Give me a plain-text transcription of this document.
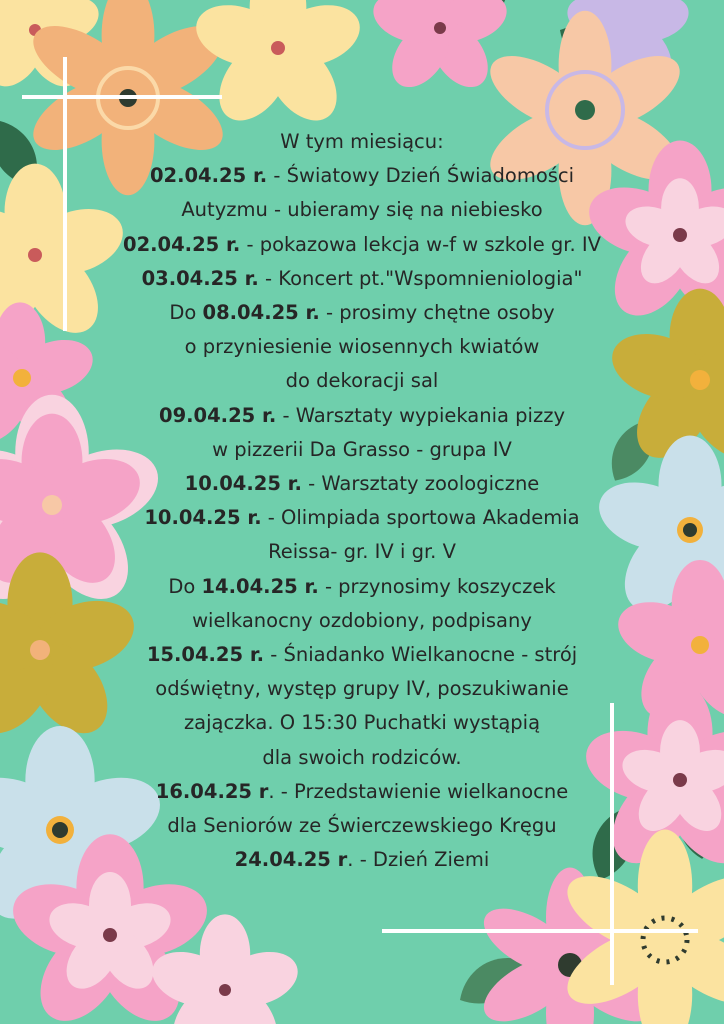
W tym miesiącu:
02.04.25 r. - Światowy Dzień Świadomości
Autyzmu - ubieramy się na niebiesko
02.04.25 r. - pokazowa lekcja w-f w szkole gr. IV
03.04.25 r. - Koncert pt."Wspomnieniologia"
Do 08.04.25 r. - prosimy chętne osoby
o przyniesienie wiosennych kwiatów
do dekoracji sal
09.04.25 r. - Warsztaty wypiekania pizzy
w pizzerii Da Grasso - grupa IV
10.04.25 r. - Warsztaty zoologiczne
10.04.25 r. - Olimpiada sportowa Akademia
Reissa- gr. IV i gr. V
Do 14.04.25 r. - przynosimy koszyczek
wielkanocny ozdobiony, podpisany
15.04.25 r. - Śniadanko Wielkanocne - strój
odświętny, występ grupy IV, poszukiwanie
zajączka. O 15:30 Puchatki wystąpią
dla swoich rodziców.
16.04.25 r. - Przedstawienie wielkanocne
dla Seniorów ze Świerczewskiego Kręgu
24.04.25 r. - Dzień Ziemi
